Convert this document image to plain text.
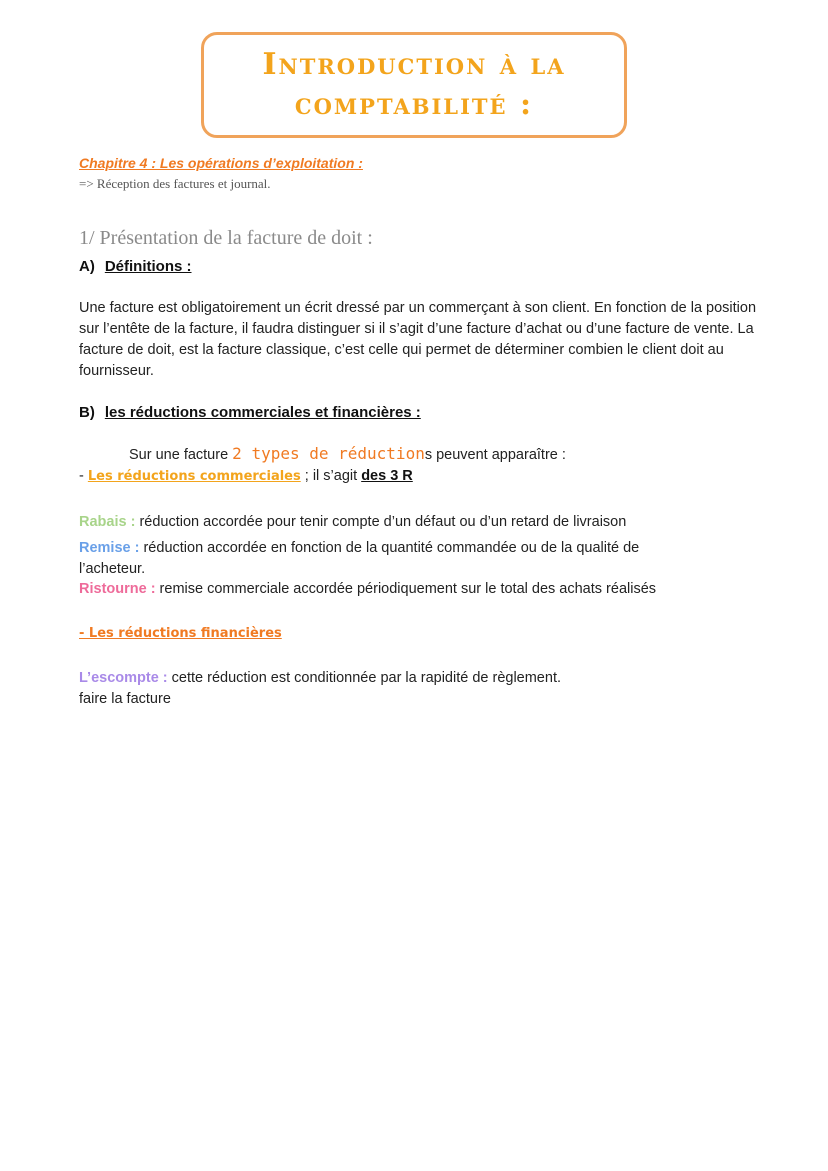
Introduction à la
comptabilité :
Chapitre 4 : Les opérations d’exploitation :
=> Réception des factures et journal.
1/ Présentation de la facture de doit :
A) Définitions :
Une facture est obligatoirement un écrit dressé par un commerçant à son client. En fonction de la position sur l’entête de la facture, il faudra distinguer si il s’agit d’une facture d’achat ou d’une facture de vente. La facture de doit, est la facture classique, c’est celle qui permet de déterminer combien le client doit au fournisseur.
B) les réductions commerciales et financières :
Sur une facture 2 types de réductions peuvent apparaître :
- Les réductions commerciales ; il s’agit des 3 R
Rabais : réduction accordée pour tenir compte d’un défaut ou d’un retard de livraison
Remise : réduction accordée en fonction de la quantité commandée ou de la qualité de
l’acheteur.
Ristourne : remise commerciale accordée périodiquement sur le total des achats réalisés
- Les réductions financières
L’escompte : cette réduction est conditionnée par la rapidité de règlement.
faire la facture
